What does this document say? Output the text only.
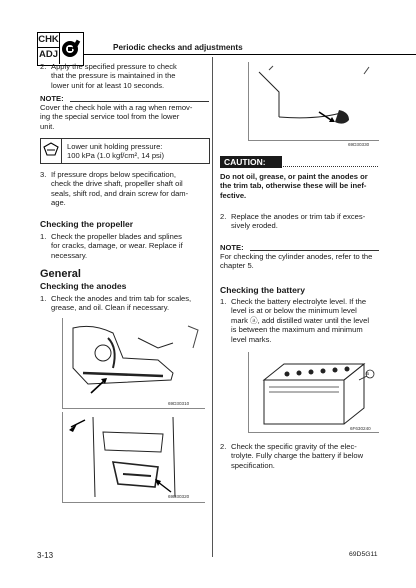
CHK
ADJ
Periodic checks and adjustments
2. Apply the specified pressure to check
that the pressure is maintained in the
lower unit for at least 10 seconds.
NOTE:
Cover the check hole with a rag when remov-
ing the special service tool from the lower
unit.
Lower unit holding pressure:
100 kPa (1.0 kgf/cm², 14 psi)
3. If pressure drops below specification,
check the drive shaft, propeller shaft oil
seals, shift rod, and drain screw for dam-
age.
Checking the propeller
1. Check the propeller blades and splines
for cracks, damage, or wear. Replace if
necessary.
General
Checking the anodes
1. Check the anodes and trim tab for scales,
grease, and oil. Clean if necessary.
69D30310
69D30320
3-13
69D30330
CAUTION:
Do not oil, grease, or paint the anodes or
the trim tab, otherwise these will be inef-
fective.
2. Replace the anodes or trim tab if exces-
sively eroded.
NOTE:
For checking the cylinder anodes, refer to the
chapter 5.
Checking the battery
1. Check the battery electrolyte level. If the
level is at or below the minimum level
mark ⓐ, add distilled water until the level
is between the maximum and minimum
level marks.
a
6F630240
2. Check the specific gravity of the elec-
trolyte. Fully charge the battery if below
specification.
69D5G11
